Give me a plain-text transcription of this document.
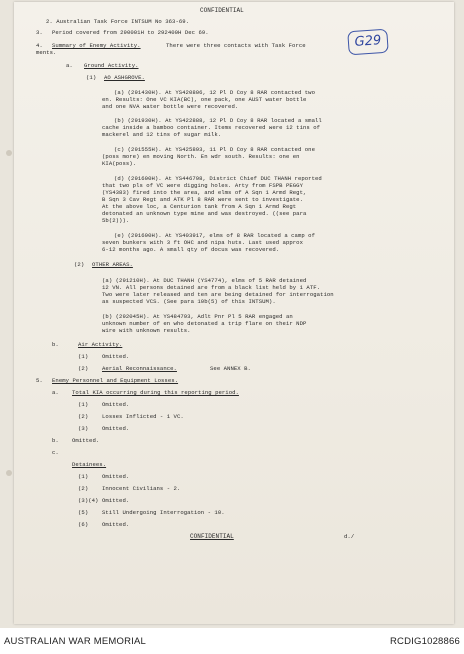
CONFIDENTIAL
2. Australian Task Force INTSUM No 363-69.
3. Period covered from 290001H to 292400H Dec 69.
4. Summary of Enemy Activity.	There were three contacts with Task Force
ments.
a. Ground Activity.
(1) AO ASHGROVE.
(a) (291430H). At YS420806, 12 Pl D Coy 8 RAR contacted two
en. Results: One VC KIA(BC), one pack, one AUST water bottle
and one NVA water bottle were recovered.
(b) (291930H). At YS422888, 12 Pl D Coy 8 RAR located a small
cache inside a bamboo container. Items recovered were 12 tins of
mackerel and 12 tins of sugar milk.
(c) (291555H). At YS425893, 11 Pl D Coy 8 RAR contacted one
(poss more) en moving North. En wdr south. Results: one en
KIA(poss).
(d) (291600H). At YS446798, District Chief DUC THANH reported
that two pls of VC were digging holes. Arty from FSPB PEGGY
(YS4383) fired into the area, and elms of A Sqn 1 Armd Regt,
B Sqn 3 Cav Regt and ATK Pl 8 RAR were sent to investigate.
At the above loc, a Centurion tank from A Sqn 1 Armd Regt
detonated an unknown type mine and was destroyed. ((see para
5b(2))).
(e) (291600H). At YS403917, elms of 8 RAR located a camp of
seven bunkers with 3 ft OHC and nipa huts. Last used approx
6-12 months ago. A small qty of docus was recovered.
(2) OTHER AREAS.
(a) (291210H). At DUC THANH (YS4774), elms of 5 RAR detained
12 VN. All persons detained are from a black list held by 1 ATF.
Two were later released and ten are being detained for interrogation
as suspected VCS. (See para 10b(5) of this INTSUM).
(b) (292045H). At YS484793, Adlt Pnr Pl 5 RAR engaged an
unknown number of en who detonated a trip flare on their NDP
wire with unknown results.
b.	Air Activity.
(1) Omitted.
(2) Aerial Reconnaissance.	See ANNEX B.
5. Enemy Personnel and Equipment Losses.
a. Total KIA occurring during this reporting period.
(1) Omitted.
(2) Losses Inflicted - 1 VC.
(3) Omitted.
b. Omitted.
c.
Detainees.
(1) Omitted.
(2) Innocent Civilians - 2.
(3)(4) Omitted.
(5) Still Undergoing Interrogation - 10.
(6) Omitted.
CONFIDENTIAL	d./
G29
AUSTRALIAN WAR MEMORIAL	RCDIG1028866
